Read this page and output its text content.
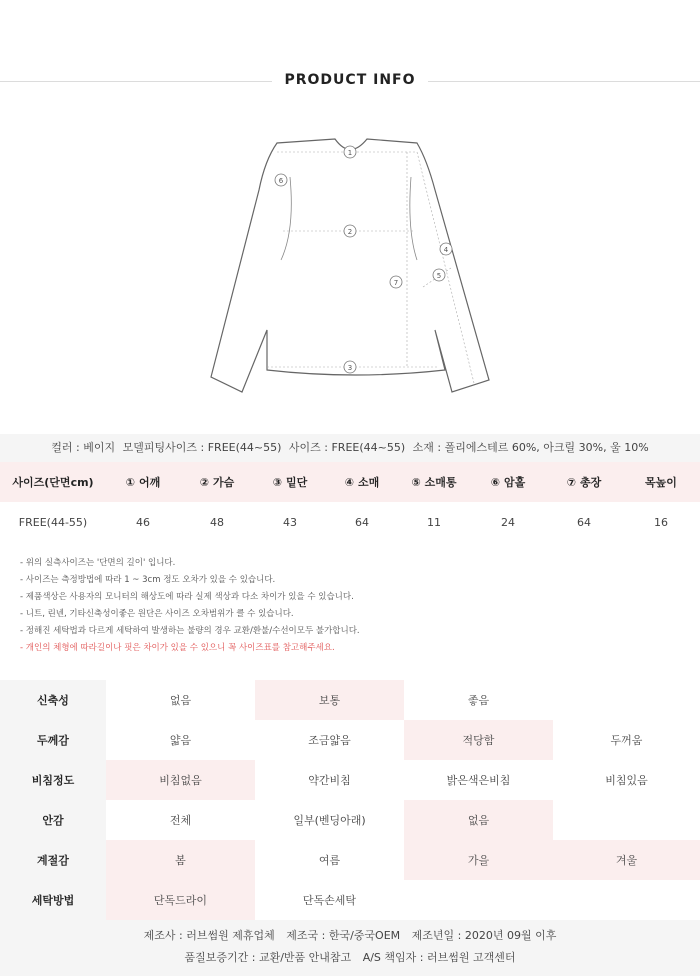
PRODUCT INFO
1
2
3
4
5
6
7
컬러 : 베이지 모델피팅사이즈 : FREE(44~55) 사이즈 : FREE(44~55) 소재 : 폴리에스테르 60%, 아크릴 30%, 울 10%
사이즈(단면cm)	① 어깨	② 가슴	③ 밑단	④ 소매	⑤ 소매통	⑥ 암홀	⑦ 총장	목높이
FREE(44-55)	46	48	43	64	11	24	64	16
- 위의 실측사이즈는 '단면의 길이' 입니다.
- 사이즈는 측정방법에 따라 1 ~ 3cm 정도 오차가 있을 수 있습니다.
- 제품색상은 사용자의 모니터의 해상도에 따라 실제 색상과 다소 차이가 있을 수 있습니다.
- 니트, 린넨, 기타신축성이좋은 원단은 사이즈 오차범위가 클 수 있습니다.
- 정해진 세탁법과 다르게 세탁하여 발생하는 불량의 경우 교환/환불/수선이모두 불가합니다.
- 개인의 체형에 따라길이나 핏은 차이가 있을 수 있으니 꼭 사이즈표를 참고해주세요.
신축성	없음	보통	좋음
두께감	얇음	조금얇음	적당함	두꺼움
비침정도	비침없음	약간비침	밝은색은비침	비침있음
안감	전체	일부(벤딩아래)	없음
계절감	봄	여름	가을	겨울
세탁방법	단독드라이	단독손세탁
제조사 : 러브썸원 제휴업체 제조국 : 한국/중국OEM 제조년일 : 2020년 09월 이후
품질보증기간 : 교환/반품 안내참고 A/S 책임자 : 러브썸원 고객센터
